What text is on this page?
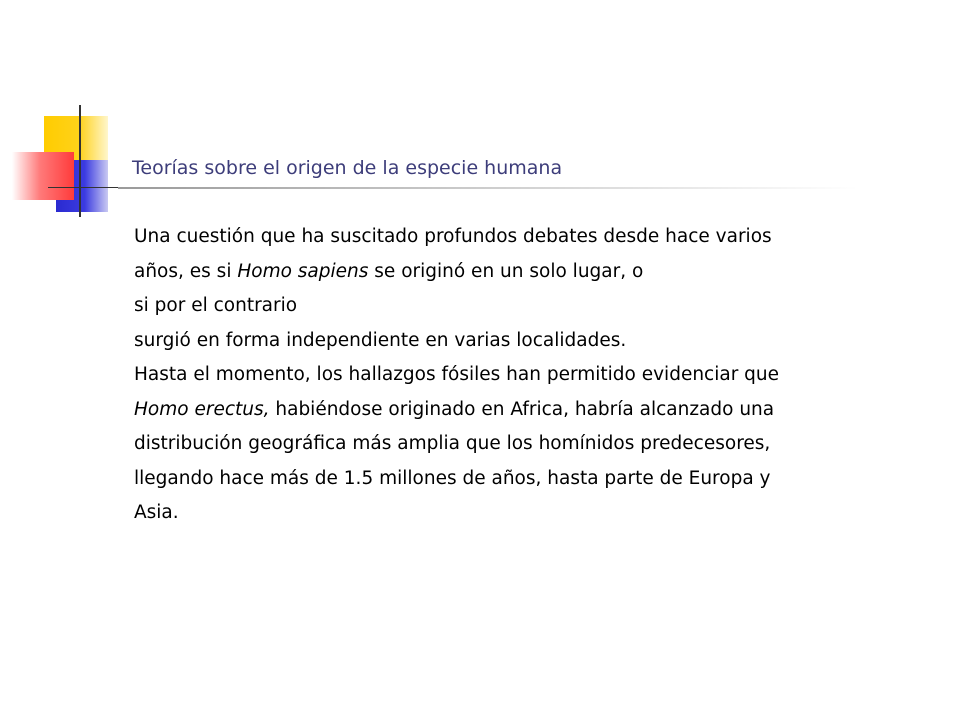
Teorías sobre el origen de la especie humana
Una cuestión que ha suscitado profundos debates desde hace varios
años, es si Homo sapiens se originó en un solo lugar, o
si por el contrario
surgió en forma independiente en varias localidades.
Hasta el momento, los hallazgos fósiles han permitido evidenciar que
Homo erectus, habiéndose originado en Africa, habría alcanzado una
distribución geográfica más amplia que los homínidos predecesores,
llegando hace más de 1.5 millones de años, hasta parte de Europa y
Asia.
